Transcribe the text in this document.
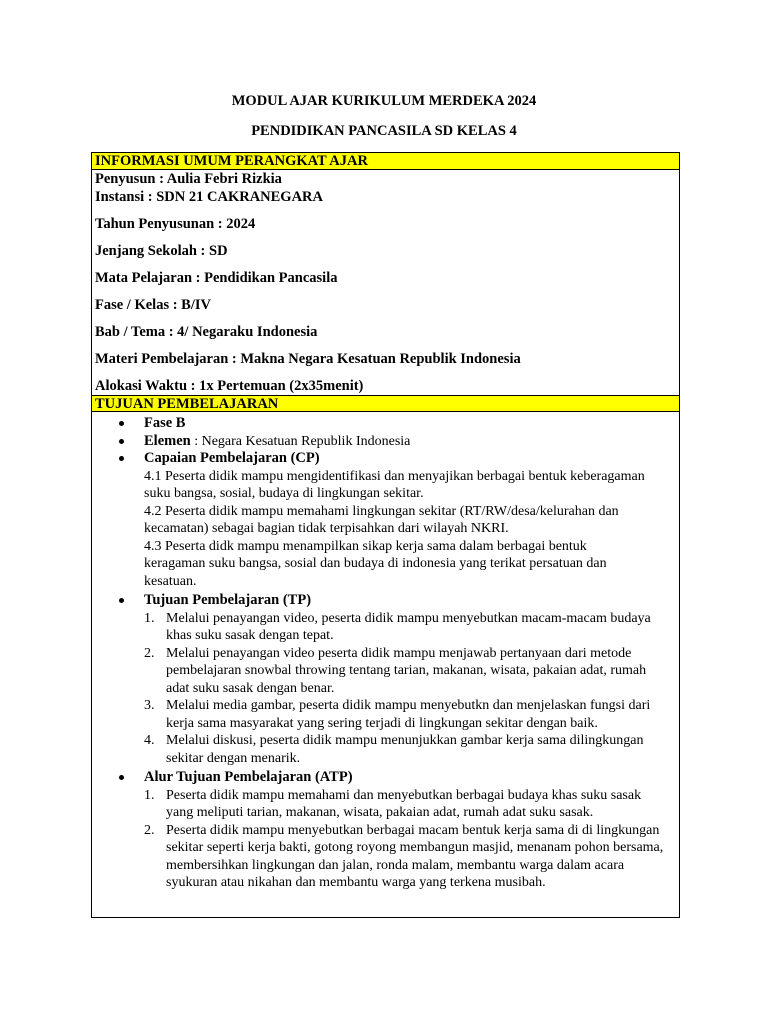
MODUL AJAR KURIKULUM MERDEKA 2024
PENDIDIKAN PANCASILA SD KELAS 4
INFORMASI UMUM PERANGKAT AJAR
Penyusun : Aulia Febri Rizkia
Instansi : SDN 21 CAKRANEGARA
Tahun Penyusunan : 2024
Jenjang Sekolah : SD
Mata Pelajaran : Pendidikan Pancasila
Fase / Kelas : B/IV
Bab / Tema : 4/ Negaraku Indonesia
Materi Pembelajaran : Makna Negara Kesatuan Republik Indonesia
Alokasi Waktu : 1x Pertemuan (2x35menit)
TUJUAN PEMBELAJARAN
Fase B
Elemen : Negara Kesatuan Republik Indonesia
Capaian Pembelajaran (CP)
4.1 Peserta didik mampu mengidentifikasi dan menyajikan berbagai bentuk keberagaman suku bangsa, sosial, budaya di lingkungan sekitar.
4.2 Peserta didik mampu memahami lingkungan sekitar (RT/RW/desa/kelurahan dan kecamatan) sebagai bagian tidak terpisahkan dari wilayah NKRI.
4.3 Peserta didk mampu menampilkan sikap kerja sama dalam berbagai bentuk keragaman suku bangsa, sosial dan budaya di indonesia yang terikat persatuan dan kesatuan.
Tujuan Pembelajaran (TP)
1. Melalui penayangan video, peserta didik mampu menyebutkan macam-macam budaya khas suku sasak dengan tepat.
2. Melalui penayangan video peserta didik mampu menjawab pertanyaan dari metode pembelajaran snowbal throwing tentang tarian, makanan, wisata, pakaian adat, rumah adat suku sasak dengan benar.
3. Melalui media gambar, peserta didik mampu menyebutkn dan menjelaskan fungsi dari kerja sama masyarakat yang sering terjadi di lingkungan sekitar dengan baik.
4. Melalui diskusi, peserta didik mampu menunjukkan gambar kerja sama dilingkungan sekitar dengan menarik.
Alur Tujuan Pembelajaran (ATP)
1. Peserta didik mampu memahami dan menyebutkan berbagai budaya khas suku sasak yang meliputi tarian, makanan, wisata, pakaian adat, rumah adat suku sasak.
2. Peserta didik mampu menyebutkan berbagai macam bentuk kerja sama di di lingkungan sekitar seperti kerja bakti, gotong royong membangun masjid, menanam pohon bersama, membersihkan lingkungan dan jalan, ronda malam, membantu warga dalam acara syukuran atau nikahan dan membantu warga yang terkena musibah.
